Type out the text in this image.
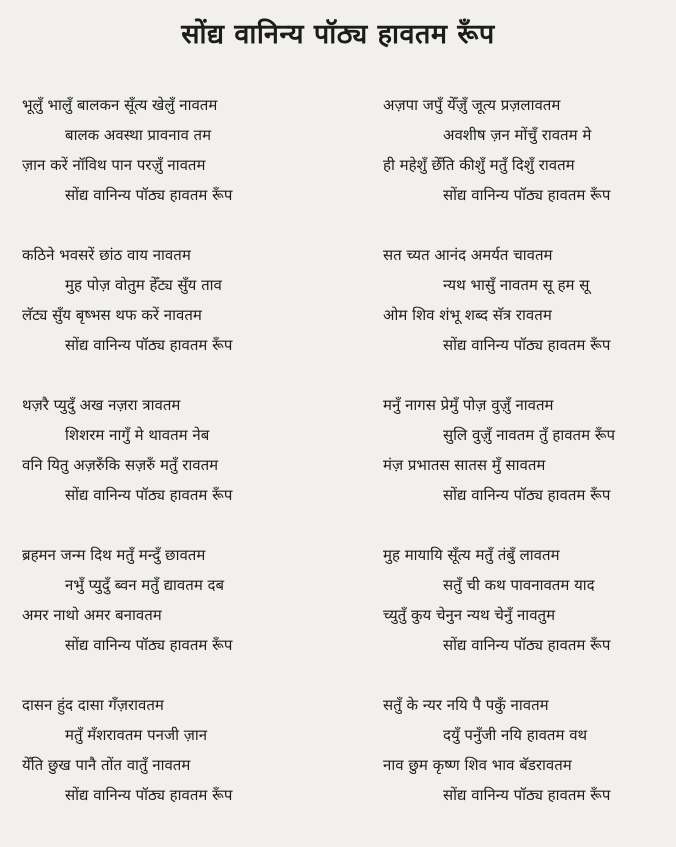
सोंद्य वानिन्य पॉठ्य हावतम रूँप
भूलुँ भालुँ बालकन सूँत्य खेलुँ नावतम
बालक अवस्था प्रावनाव तम
ज़ान करें नॉविथ पान परज़ुँ नावतम
सोंद्य वानिन्य पॉठ्य हावतम रूँप
कठिने भवसरें छांठ वाय नावतम
मुह पोज़ वोतुम हेँट्य सुँय ताव
लॅट्य सुँय बृष्भस थफ करें नावतम
सोंद्य वानिन्य पॉठ्य हावतम रूँप
थज़रै प्युदुँ अख नज़रा त्रावतम
शिशरम नागुँ मे थावतम नेब
वनि यितु अज़रुँकि सज़रुँ मतुँ रावतम
सोंद्य वानिन्य पॉठ्य हावतम रूँप
ब्रहमन जन्म दिथ मतुँ मन्दुँ छावतम
नभुँ प्युदुँ ब्वन मतुँ द्यावतम दब
अमर नाथो अमर बनावतम
सोंद्य वानिन्य पॉठ्य हावतम रूँप
दासन हुंद दासा गँज़रावतम
मतुँ मँशरावतम पनजी ज़ान
येँति छुख पानै तोंत वातुँ नावतम
सोंद्य वानिन्य पॉठ्य हावतम रूँप
अज़पा जपुँ येँज़ुँ जूत्य प्रज़लावतम
अवशीष ज़न मोंचुँ रावतम मे
ही महेशुँ छेँति कीशुँ मतुँ दिशुँ रावतम
सोंद्य वानिन्य पॉठ्य हावतम रूँप
सत च्यत आनंद अमर्यत चावतम
न्यथ भासुँ नावतम सू हम सू
ओम शिव शंभू शब्द सॅत्र रावतम
सोंद्य वानिन्य पॉठ्य हावतम रूँप
मनुँ नागस प्रेमुँ पोज़ वुज़ुँ नावतम
सुलि वुज़ुँ नावतम तुँ हावतम रूँप
मंज़ प्रभातस सातस मुँ सावतम
सोंद्य वानिन्य पॉठ्य हावतम रूँप
मुह मायायि सूँत्य मतुँ तंबुँ लावतम
सतुँ ची कथ पावनावतम याद
च्युतुँ कुय चेनुन न्यथ चेनुँ नावतुम
सोंद्य वानिन्य पॉठ्य हावतम रूँप
सतुँ के न्यर नयि पै पकुँ नावतम
दयुँ पनुँजी नयि हावतम वथ
नाव छुम कृष्ण शिव भाव बॅडरावतम
सोंद्य वानिन्य पॉठ्य हावतम रूँप
